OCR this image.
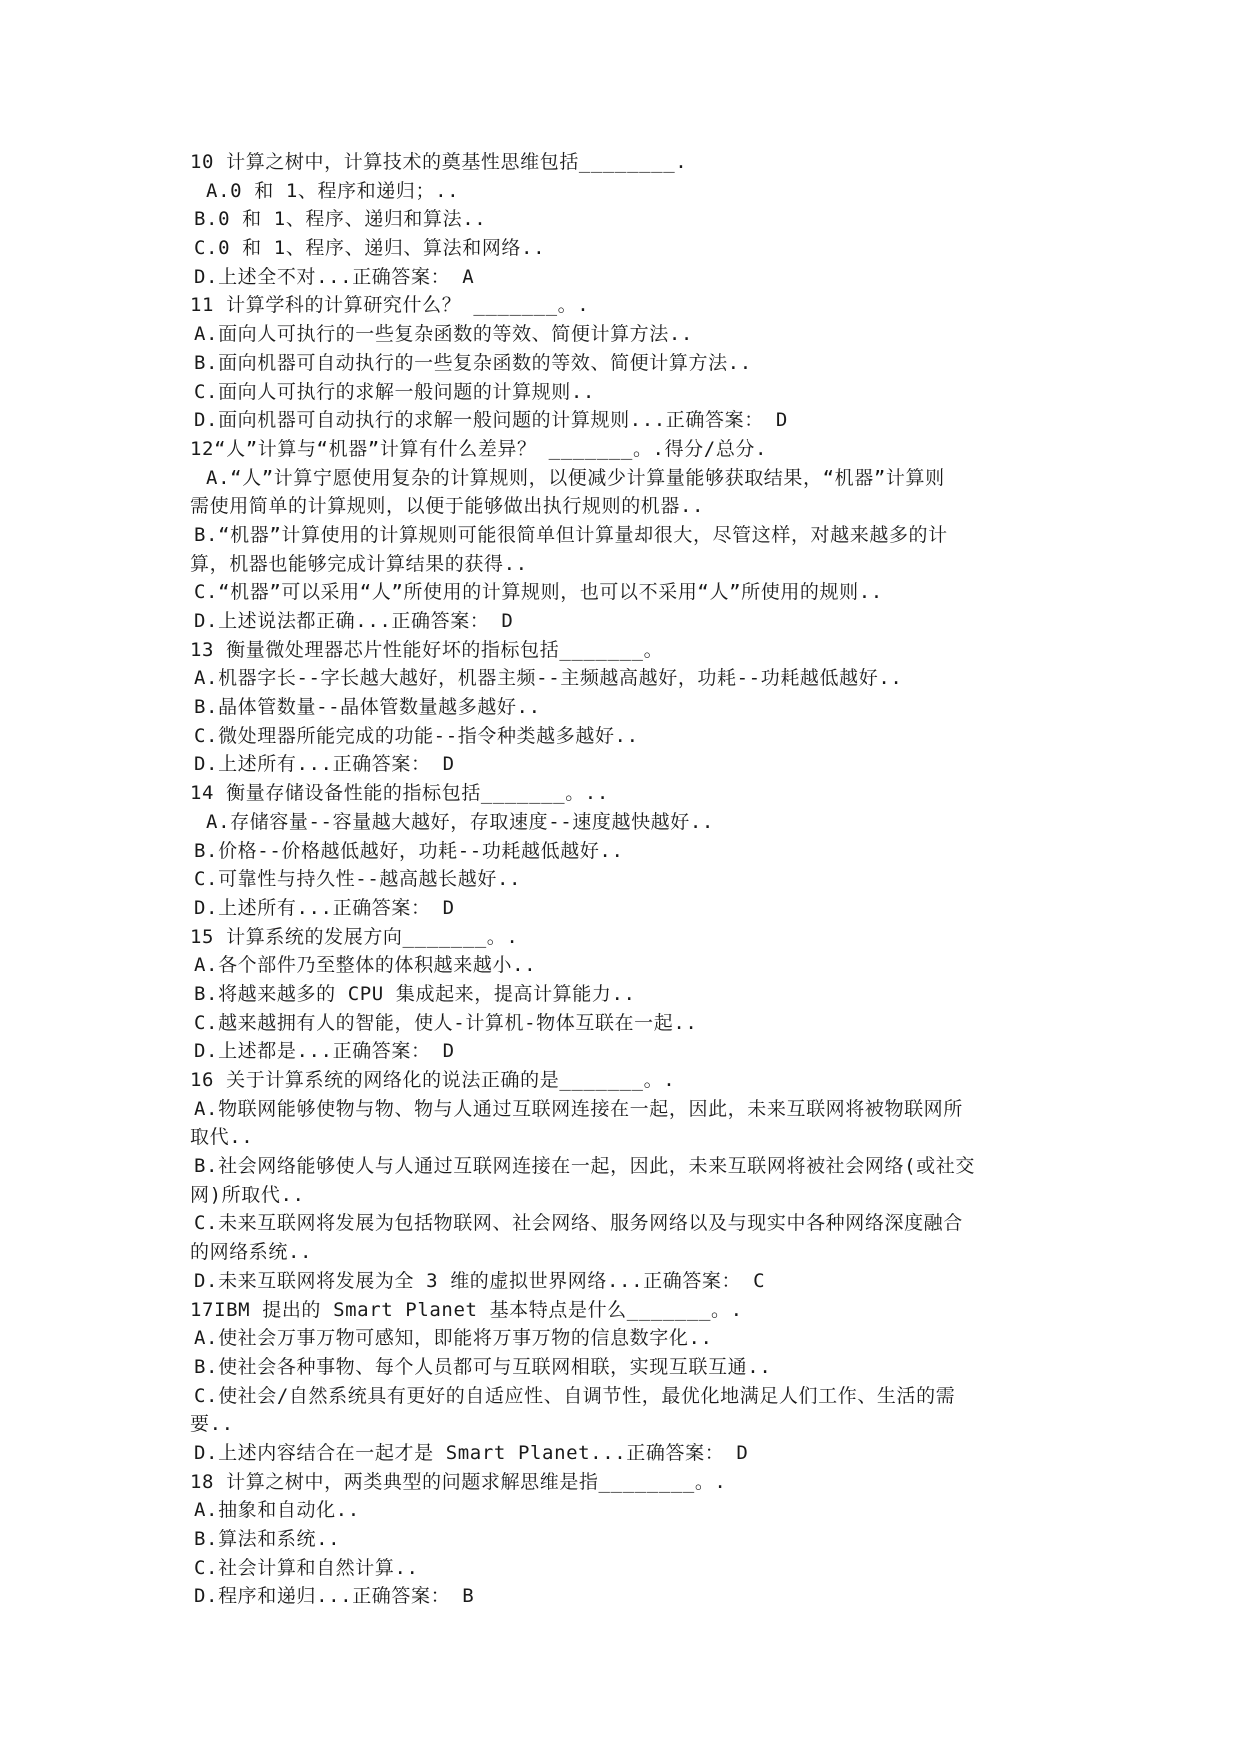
10 计算之树中，计算技术的奠基性思维包括________.
A.0 和 1、程序和递归；..
B.0 和 1、程序、递归和算法..
C.0 和 1、程序、递归、算法和网络..
D.上述全不对...正确答案： A
11 计算学科的计算研究什么？ _______。.
A.面向人可执行的一些复杂函数的等效、简便计算方法..
B.面向机器可自动执行的一些复杂函数的等效、简便计算方法..
C.面向人可执行的求解一般问题的计算规则..
D.面向机器可自动执行的求解一般问题的计算规则...正确答案： D
12“人”计算与“机器”计算有什么差异？ _______。.得分/总分.
A.“人”计算宁愿使用复杂的计算规则，以便减少计算量能够获取结果，“机器”计算则
需使用简单的计算规则，以便于能够做出执行规则的机器..
B.“机器”计算使用的计算规则可能很简单但计算量却很大，尽管这样，对越来越多的计
算，机器也能够完成计算结果的获得..
C.“机器”可以采用“人”所使用的计算规则，也可以不采用“人”所使用的规则..
D.上述说法都正确...正确答案： D
13 衡量微处理器芯片性能好坏的指标包括_______。
A.机器字长--字长越大越好，机器主频--主频越高越好，功耗--功耗越低越好..
B.晶体管数量--晶体管数量越多越好..
C.微处理器所能完成的功能--指令种类越多越好..
D.上述所有...正确答案： D
14 衡量存储设备性能的指标包括_______。..
A.存储容量--容量越大越好，存取速度--速度越快越好..
B.价格--价格越低越好，功耗--功耗越低越好..
C.可靠性与持久性--越高越长越好..
D.上述所有...正确答案： D
15 计算系统的发展方向_______。.
A.各个部件乃至整体的体积越来越小..
B.将越来越多的 CPU 集成起来，提高计算能力..
C.越来越拥有人的智能，使人-计算机-物体互联在一起..
D.上述都是...正确答案： D
16 关于计算系统的网络化的说法正确的是_______。.
A.物联网能够使物与物、物与人通过互联网连接在一起，因此，未来互联网将被物联网所
取代..
B.社会网络能够使人与人通过互联网连接在一起，因此，未来互联网将被社会网络(或社交
网)所取代..
C.未来互联网将发展为包括物联网、社会网络、服务网络以及与现实中各种网络深度融合
的网络系统..
D.未来互联网将发展为全 3 维的虚拟世界网络...正确答案： C
17IBM 提出的 Smart Planet 基本特点是什么_______。.
A.使社会万事万物可感知，即能将万事万物的信息数字化..
B.使社会各种事物、每个人员都可与互联网相联，实现互联互通..
C.使社会/自然系统具有更好的自适应性、自调节性，最优化地满足人们工作、生活的需
要..
D.上述内容结合在一起才是 Smart Planet...正确答案： D
18 计算之树中，两类典型的问题求解思维是指________。.
A.抽象和自动化..
B.算法和系统..
C.社会计算和自然计算..
D.程序和递归...正确答案： B
